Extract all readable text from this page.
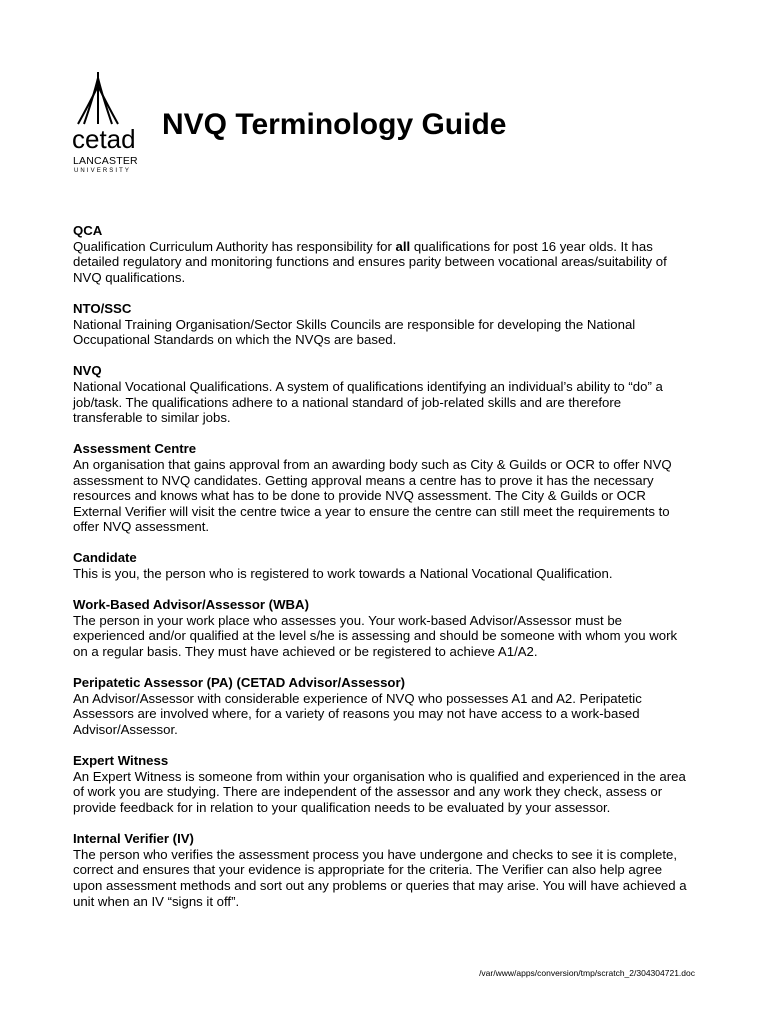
cetad
LANCASTER
UNIVERSITY
NVQ Terminology Guide
QCA

Qualification Curriculum Authority has responsibility for all qualifications for post 16 year olds. It has detailed regulatory and monitoring functions and ensures parity between vocational areas/suitability of NVQ qualifications.

NTO/SSC

National Training Organisation/Sector Skills Councils are responsible for developing the National Occupational Standards on which the NVQs are based.

NVQ

National Vocational Qualifications. A system of qualifications identifying an individual’s ability to “do” a job/task. The qualifications adhere to a national standard of job-related skills and are therefore transferable to similar jobs.

Assessment Centre

An organisation that gains approval from an awarding body such as City & Guilds or OCR to offer NVQ assessment to NVQ candidates. Getting approval means a centre has to prove it has the necessary resources and knows what has to be done to provide NVQ assessment. The City & Guilds or OCR External Verifier will visit the centre twice a year to ensure the centre can still meet the requirements to offer NVQ assessment.

Candidate

This is you, the person who is registered to work towards a National Vocational Qualification.

Work-Based Advisor/Assessor (WBA)

The person in your work place who assesses you. Your work-based Advisor/Assessor must be experienced and/or qualified at the level s/he is assessing and should be someone with whom you work on a regular basis. They must have achieved or be registered to achieve A1/A2.

Peripatetic Assessor (PA) (CETAD Advisor/Assessor)

An Advisor/Assessor with considerable experience of NVQ who possesses A1 and A2. Peripatetic Assessors are involved where, for a variety of reasons you may not have access to a work-based Advisor/Assessor.

Expert Witness

An Expert Witness is someone from within your organisation who is qualified and experienced in the area of work you are studying. There are independent of the assessor and any work they check, assess or provide feedback for in relation to your qualification needs to be evaluated by your assessor.

Internal Verifier (IV)

The person who verifies the assessment process you have undergone and checks to see it is complete, correct and ensures that your evidence is appropriate for the criteria. The Verifier can also help agree upon assessment methods and sort out any problems or queries that may arise. You will have achieved a unit when an IV “signs it off”.

/var/www/apps/conversion/tmp/scratch_2/304304721.doc
